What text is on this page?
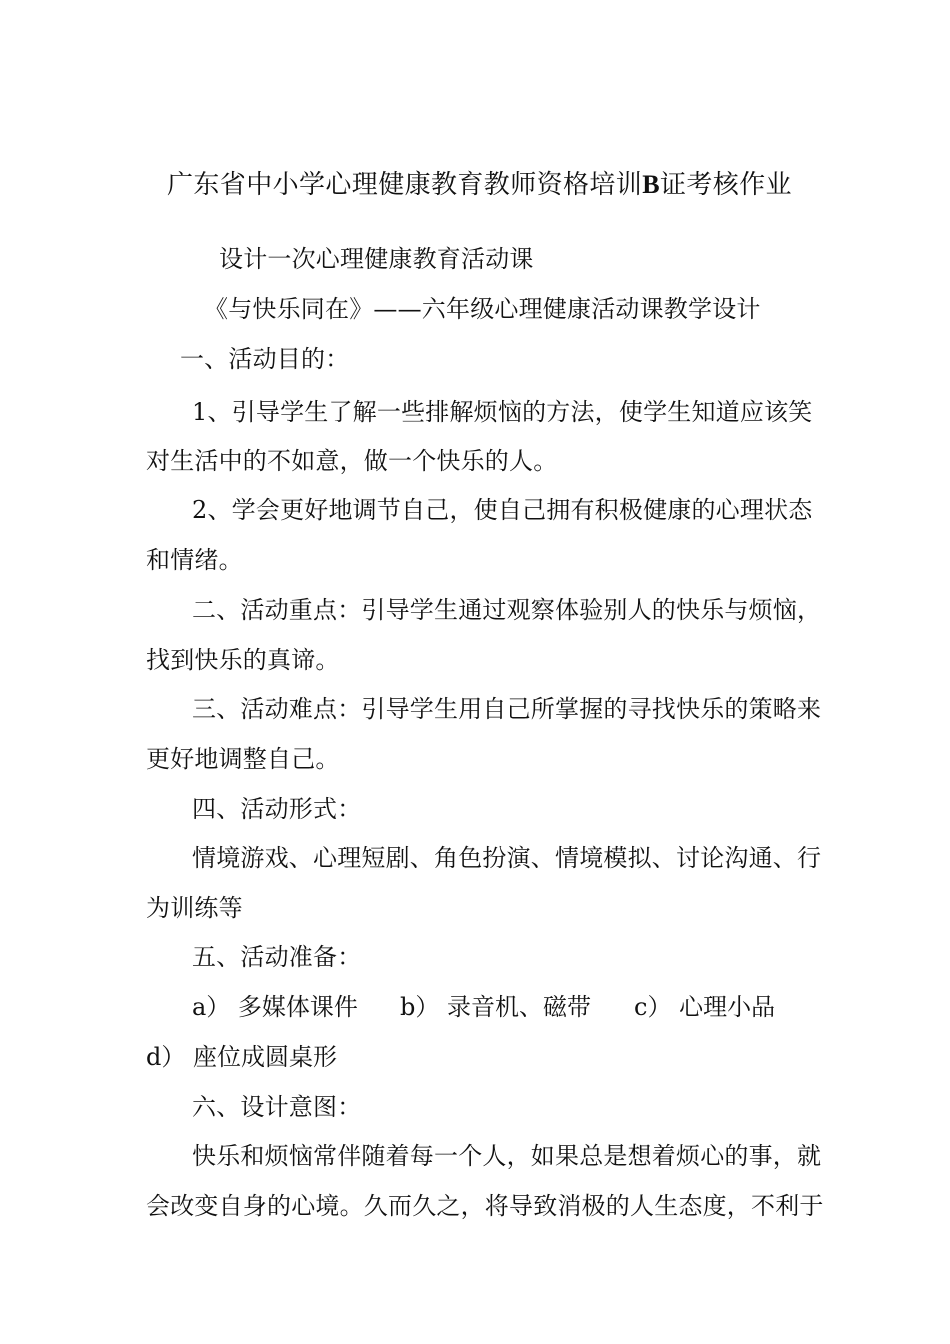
广东省中小学心理健康教育教师资格培训B证考核作业
设计一次心理健康教育活动课
《与快乐同在》——六年级心理健康活动课教学设计
一、活动目的：
1、引导学生了解一些排解烦恼的方法，使学生知道应该笑
对生活中的不如意，做一个快乐的人。
2、学会更好地调节自己，使自己拥有积极健康的心理状态
和情绪。
二、活动重点：引导学生通过观察体验别人的快乐与烦恼，
找到快乐的真谛。
三、活动难点：引导学生用自己所掌握的寻找快乐的策略来
更好地调整自己。
四、活动形式：
情境游戏、心理短剧、角色扮演、情境模拟、讨论沟通、行
为训练等
五、活动准备：
a） 多媒体课件 b） 录音机、磁带 c） 心理小品
d） 座位成圆桌形
六、设计意图：
快乐和烦恼常伴随着每一个人，如果总是想着烦心的事，就
会改变自身的心境。久而久之，将导致消极的人生态度，不利于
